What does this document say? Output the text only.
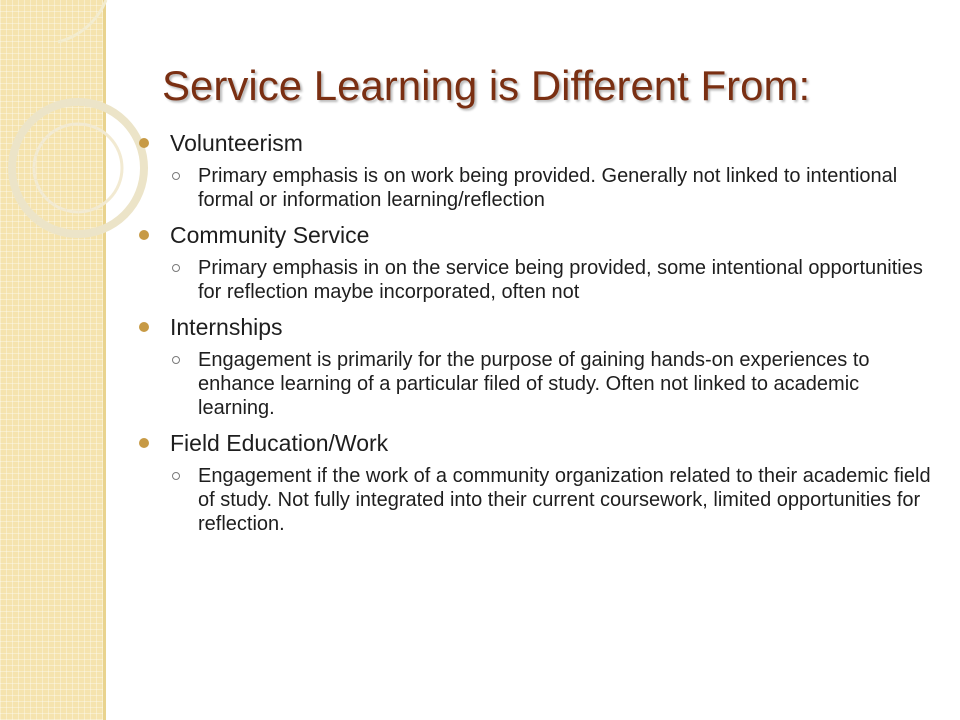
Service Learning is Different From:
Volunteerism
Primary emphasis is on work being provided. Generally not linked to intentional formal or information learning/reflection
Community Service
Primary emphasis in on the service being provided, some intentional opportunities for reflection maybe incorporated, often not
Internships
Engagement is primarily for the purpose of gaining hands-on experiences to enhance learning of a particular filed of study. Often not linked to academic learning.
Field Education/Work
Engagement if the work of a community organization related to their academic field of study. Not fully integrated into their current coursework, limited opportunities for reflection.
